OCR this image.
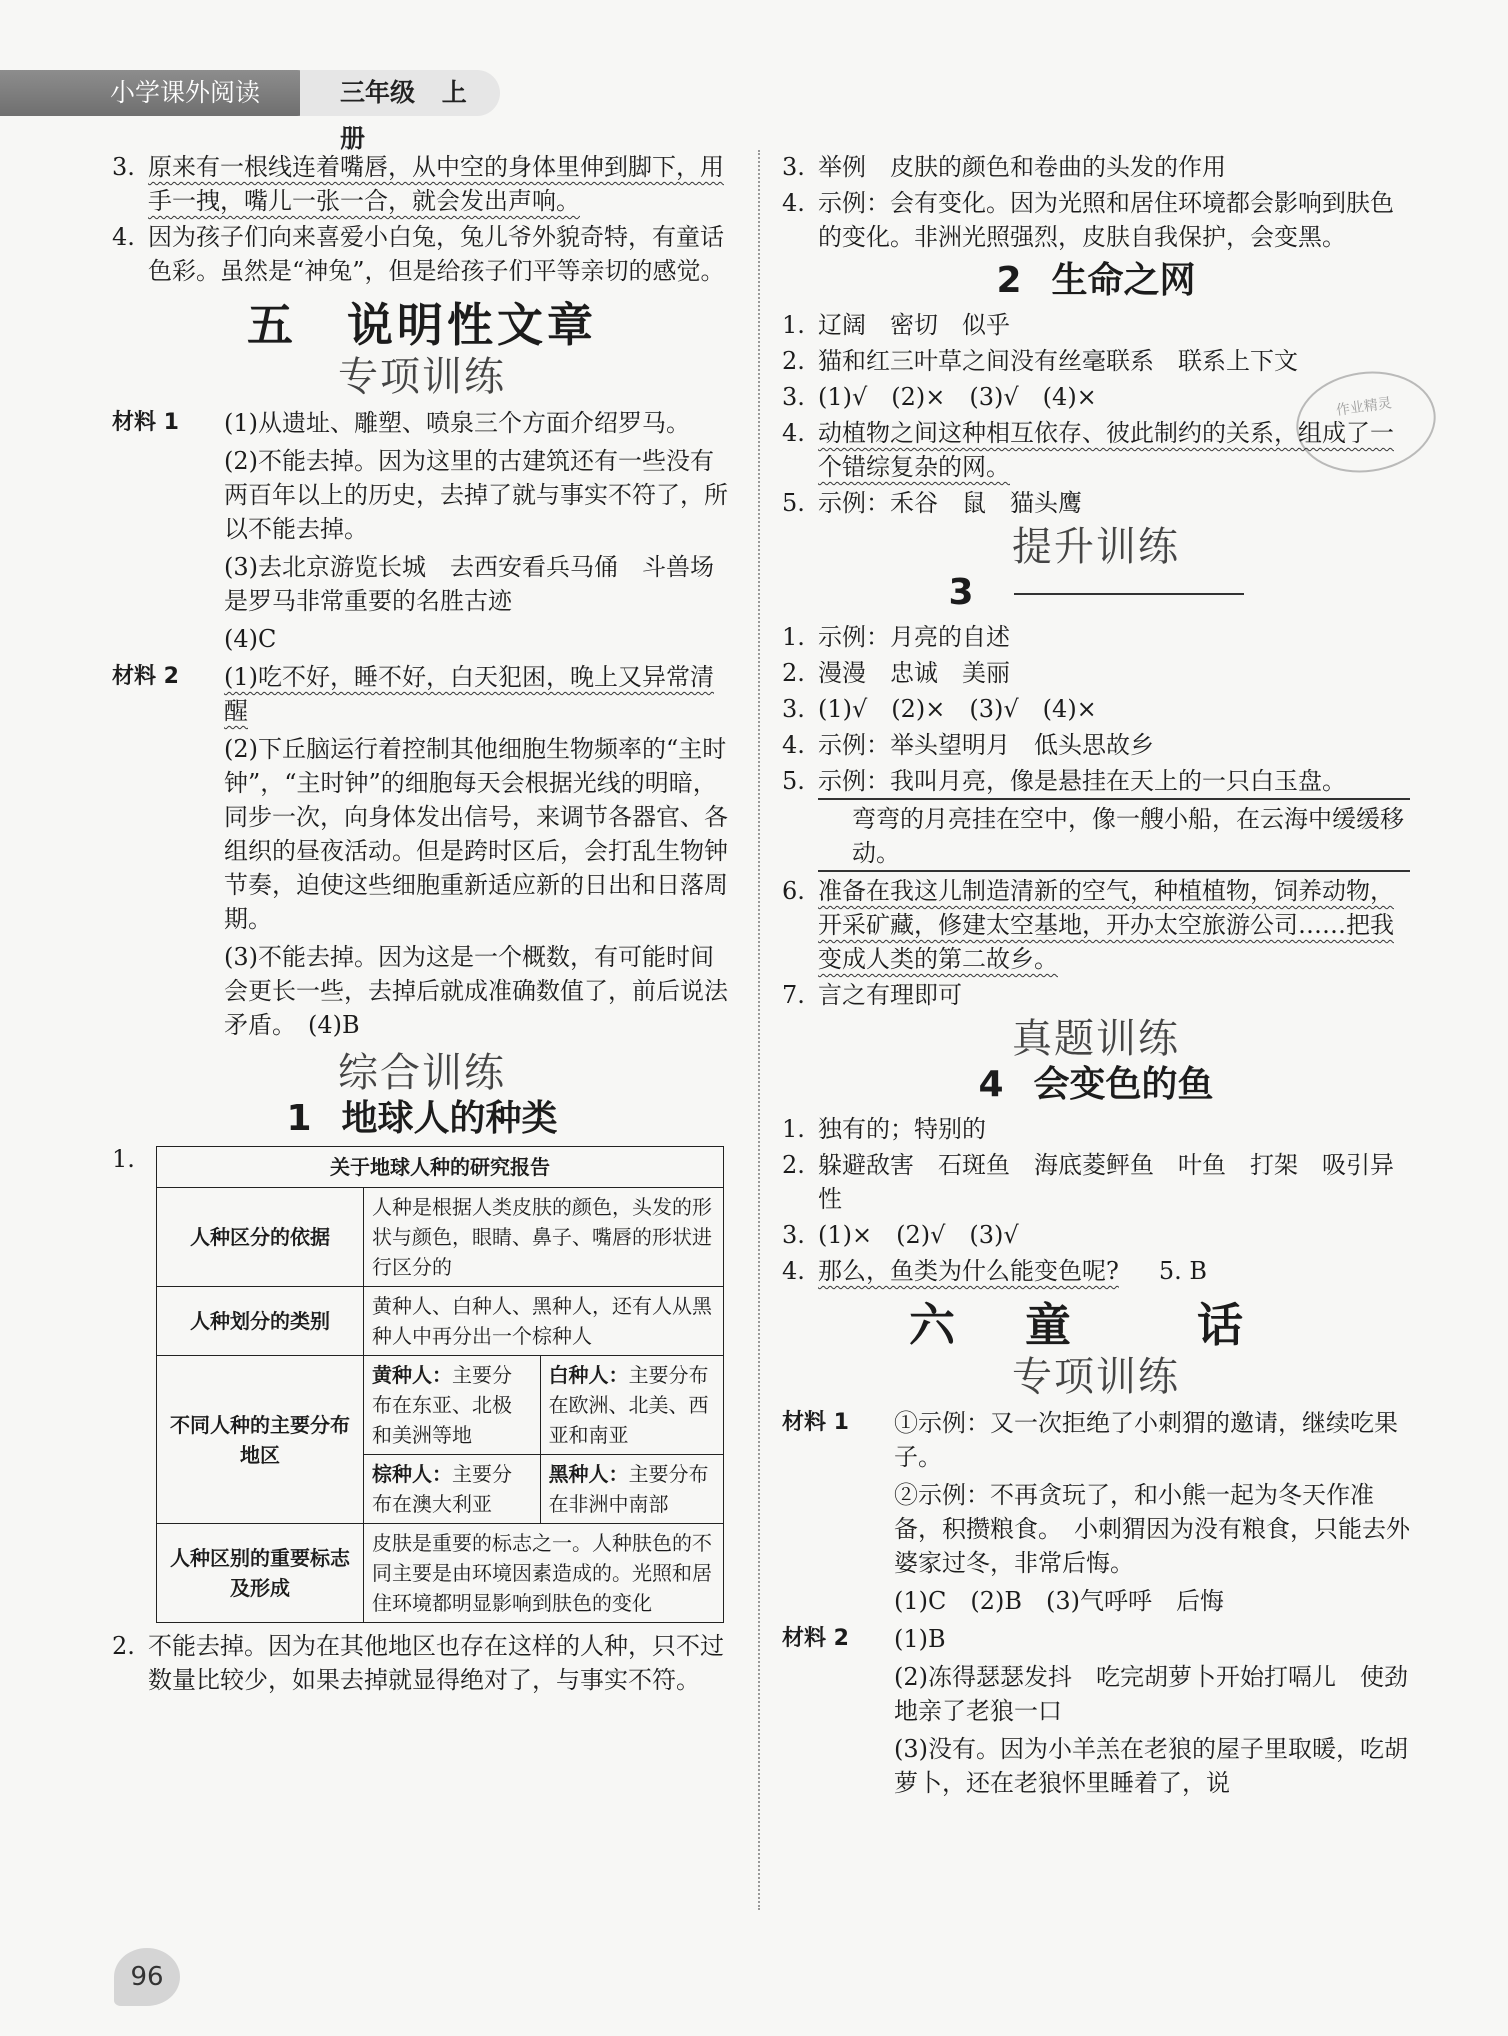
小学课外阅读	三年级 上册
作业精灵
3. 原来有一根线连着嘴唇，从中空的身体里伸到脚下，用手一拽，嘴儿一张一合，就会发出声响。
4. 因为孩子们向来喜爱小白兔，兔儿爷外貌奇特，有童话色彩。虽然是“神兔”，但是给孩子们平等亲切的感觉。
五 说明性文章
专项训练
材料 1	(1)从遗址、雕塑、喷泉三个方面介绍罗马。
(2)不能去掉。因为这里的古建筑还有一些没有两百年以上的历史，去掉了就与事实不符了，所以不能去掉。
(3)去北京游览长城　去西安看兵马俑　斗兽场是罗马非常重要的名胜古迹
(4)C
材料 2	(1)吃不好，睡不好，白天犯困，晚上又异常清醒
(2)下丘脑运行着控制其他细胞生物频率的“主时钟”，“主时钟”的细胞每天会根据光线的明暗，同步一次，向身体发出信号，来调节各器官、各组织的昼夜活动。但是跨时区后，会打乱生物钟节奏，迫使这些细胞重新适应新的日出和日落周期。
(3)不能去掉。因为这是一个概数，有可能时间会更长一些，去掉后就成准确数值了，前后说法矛盾。　(4)B
综合训练
1 地球人的种类
1.	关于地球人种的研究报告		
人种区分的依据	人种是根据人类皮肤的颜色，头发的形状与颜色，眼睛、鼻子、嘴唇的形状进行区分的	
人种划分的类别	黄种人、白种人、黑种人，还有人从黑种人中再分出一个棕种人	
不同人种的主要分布地区	黄种人：主要分布在东亚、北极和美洲等地	白种人：主要分布在欧洲、北美、西亚和南亚
	棕种人：主要分布在澳大利亚	黑种人：主要分布在非洲中南部
人种区别的重要标志及形成	皮肤是重要的标志之一。人种肤色的不同主要是由环境因素造成的。光照和居住环境都明显影响到肤色的变化	
2. 不能去掉。因为在其他地区也存在这样的人种，只不过数量比较少，如果去掉就显得绝对了，与事实不符。
3. 举例　皮肤的颜色和卷曲的头发的作用
4. 示例：会有变化。因为光照和居住环境都会影响到肤色的变化。非洲光照强烈，皮肤自我保护，会变黑。
2 生命之网
1. 辽阔　密切　似乎
2. 猫和红三叶草之间没有丝毫联系　联系上下文
3. (1)√　(2)×　(3)√　(4)×
4. 动植物之间这种相互依存、彼此制约的关系，组成了一个错综复杂的网。
5. 示例：禾谷　鼠　猫头鹰
提升训练
3
1. 示例：月亮的自述
2. 漫漫　忠诚　美丽
3. (1)√　(2)×　(3)√　(4)×
4. 示例：举头望明月　低头思故乡
5. 示例：我叫月亮，像是悬挂在天上的一只白玉盘。
弯弯的月亮挂在空中，像一艘小船，在云海中缓缓移动。
6. 准备在我这儿制造清新的空气，种植植物，饲养动物，开采矿藏，修建太空基地，开办太空旅游公司……把我变成人类的第二故乡。
7. 言之有理即可
真题训练
4 会变色的鱼
1. 独有的；特别的
2. 躲避敌害　石斑鱼　海底菱鲆鱼　叶鱼　打架　吸引异性
3. (1)×　(2)√　(3)√
4. 那么，鱼类为什么能变色呢? 5. B
六 童　话
专项训练
材料 1	①示例：又一次拒绝了小刺猬的邀请，继续吃果子。
②示例：不再贪玩了，和小熊一起为冬天作准备，积攒粮食。　小刺猬因为没有粮食，只能去外婆家过冬，非常后悔。
(1)C　(2)B　(3)气呼呼　后悔
材料 2	(1)B
(2)冻得瑟瑟发抖　吃完胡萝卜开始打嗝儿　使劲地亲了老狼一口
(3)没有。因为小羊羔在老狼的屋子里取暖，吃胡萝卜，还在老狼怀里睡着了，说
96
